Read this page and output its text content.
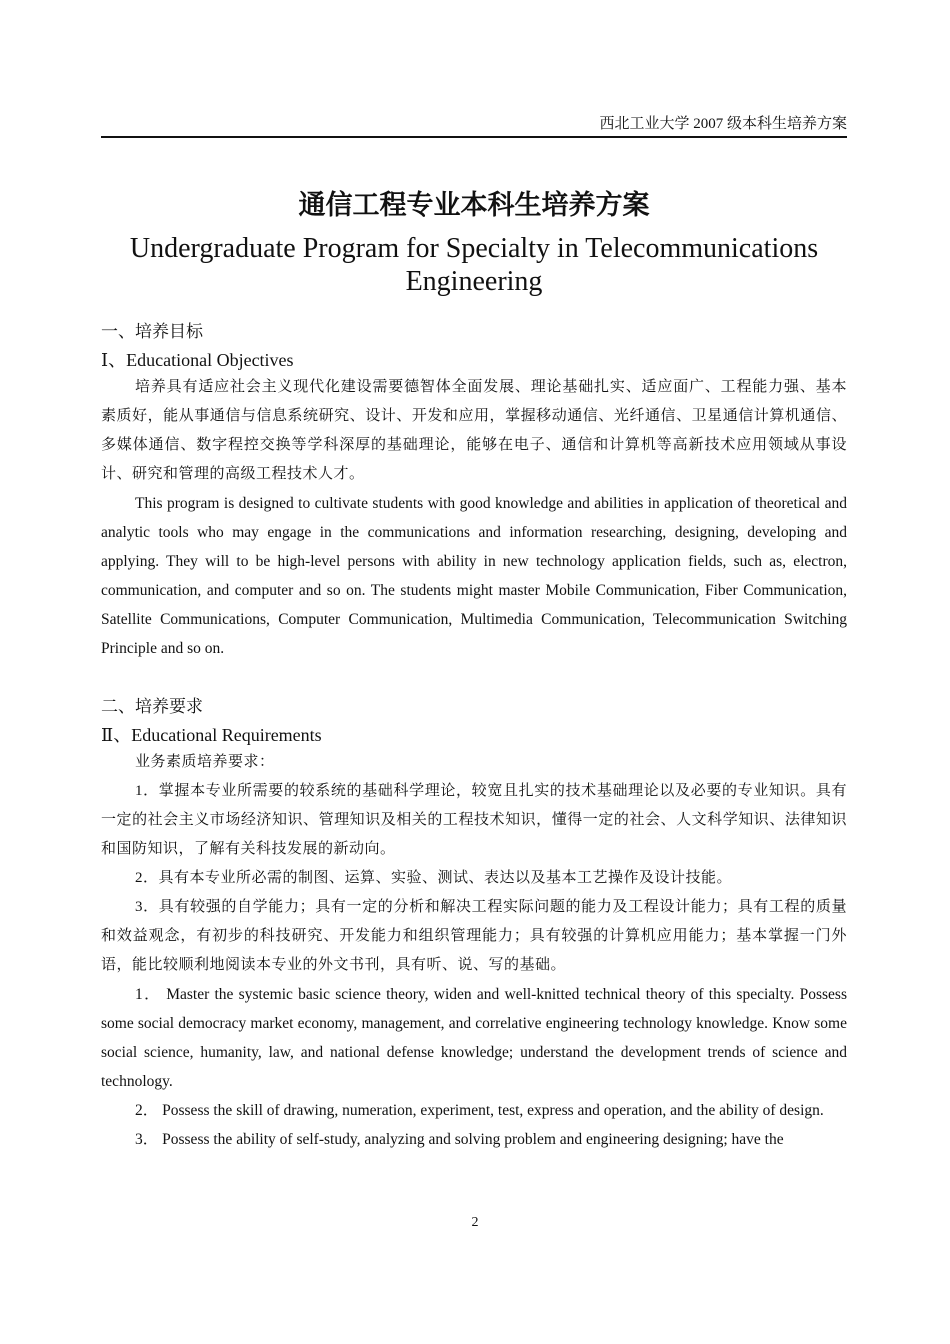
西北工业大学 2007 级本科生培养方案
通信工程专业本科生培养方案
Undergraduate Program for Specialty in Telecommunications Engineering
一、培养目标
Ⅰ、Educational Objectives

培养具有适应社会主义现代化建设需要德智体全面发展、理论基础扎实、适应面广、工程能力强、基本素质好，能从事通信与信息系统研究、设计、开发和应用，掌握移动通信、光纤通信、卫星通信计算机通信、多媒体通信、数字程控交换等学科深厚的基础理论，能够在电子、通信和计算机等高新技术应用领域从事设计、研究和管理的高级工程技术人才。

This program is designed to cultivate students with good knowledge and abilities in application of theoretical and analytic tools who may engage in the communications and information researching, designing, developing and applying. They will to be high-level persons with ability in new technology application fields, such as, electron, communication, and computer and so on. The students might master Mobile Communication, Fiber Communication, Satellite Communications, Computer Communication, Multimedia Communication, Telecommunication Switching Principle and so on.

二、培养要求
Ⅱ、Educational Requirements

业务素质培养要求：

1．掌握本专业所需要的较系统的基础科学理论，较宽且扎实的技术基础理论以及必要的专业知识。具有一定的社会主义市场经济知识、管理知识及相关的工程技术知识，懂得一定的社会、人文科学知识、法律知识和国防知识，了解有关科技发展的新动向。

2．具有本专业所必需的制图、运算、实验、测试、表达以及基本工艺操作及设计技能。

3．具有较强的自学能力；具有一定的分析和解决工程实际问题的能力及工程设计能力；具有工程的质量和效益观念，有初步的科技研究、开发能力和组织管理能力；具有较强的计算机应用能力；基本掌握一门外语，能比较顺利地阅读本专业的外文书刊，具有听、说、写的基础。

1． Master the systemic basic science theory, widen and well-knitted technical theory of this specialty. Possess some social democracy market economy, management, and correlative engineering technology knowledge. Know some social science, humanity, law, and national defense knowledge; understand the development trends of science and technology.

2． Possess the skill of drawing, numeration, experiment, test, express and operation, and the ability of design.

3． Possess the ability of self-study, analyzing and solving problem and engineering designing; have the

2
